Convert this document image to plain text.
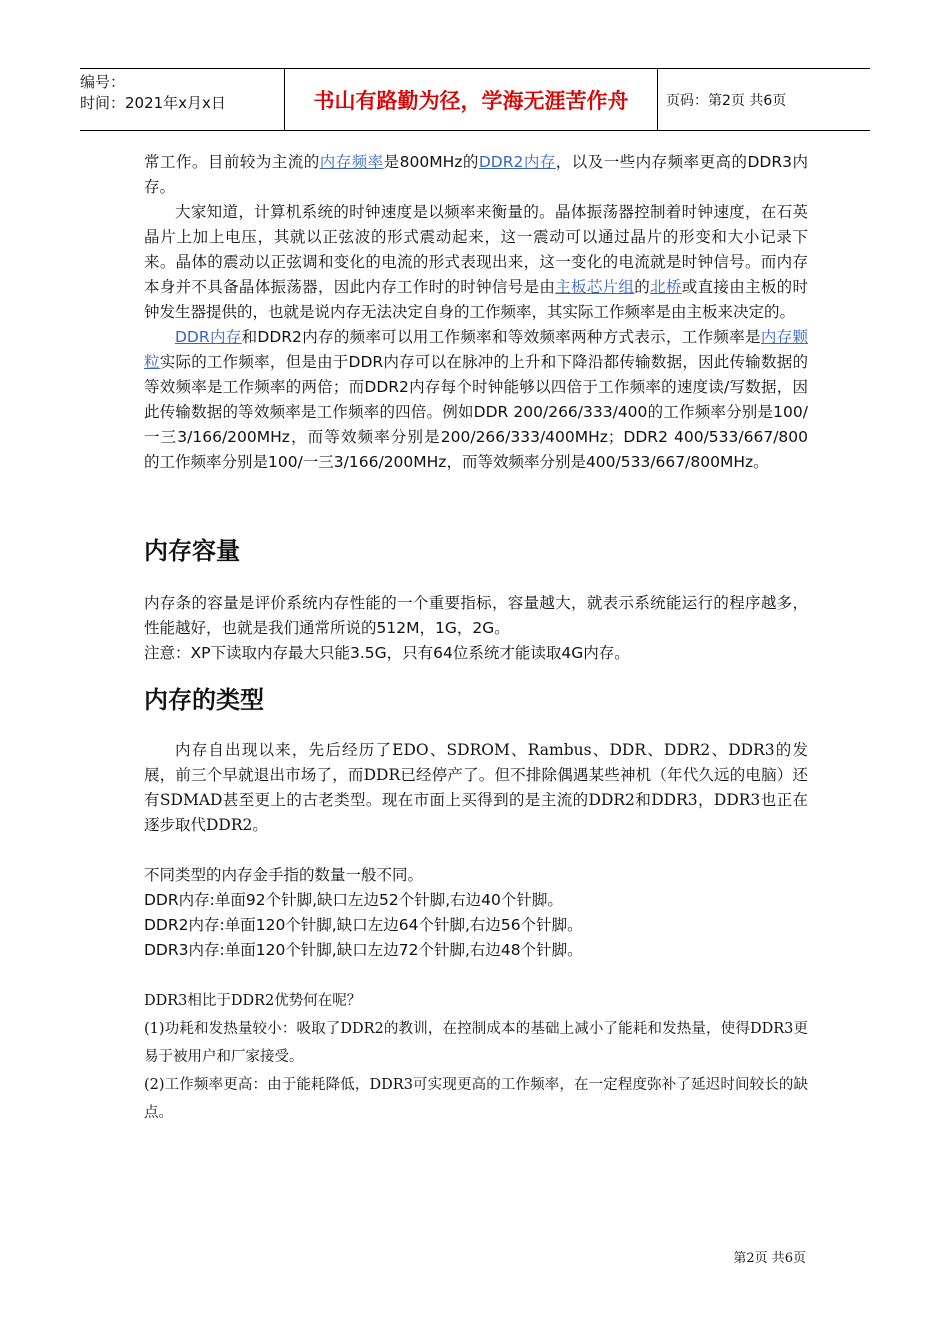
编号：
时间：2021年x月x日	书山有路勤为径，学海无涯苦作舟	页码：第2页 共6页

常工作。目前较为主流的内存频率是800MHz的DDR2内存，以及一些内存频率更高的DDR3内存。

大家知道，计算机系统的时钟速度是以频率来衡量的。晶体振荡器控制着时钟速度，在石英晶片上加上电压，其就以正弦波的形式震动起来，这一震动可以通过晶片的形变和大小记录下来。晶体的震动以正弦调和变化的电流的形式表现出来，这一变化的电流就是时钟信号。而内存本身并不具备晶体振荡器，因此内存工作时的时钟信号是由主板芯片组的北桥或直接由主板的时钟发生器提供的，也就是说内存无法决定自身的工作频率，其实际工作频率是由主板来决定的。

DDR内存和DDR2内存的频率可以用工作频率和等效频率两种方式表示，工作频率是内存颗粒实际的工作频率，但是由于DDR内存可以在脉冲的上升和下降沿都传输数据，因此传输数据的等效频率是工作频率的两倍；而DDR2内存每个时钟能够以四倍于工作频率的速度读/写数据，因此传输数据的等效频率是工作频率的四倍。例如DDR 200/266/333/400的工作频率分别是100/一三3/166/200MHz，而等效频率分别是200/266/333/400MHz；DDR2 400/533/667/800的工作频率分别是100/一三3/166/200MHz，而等效频率分别是400/533/667/800MHz。

内存容量

内存条的容量是评价系统内存性能的一个重要指标，容量越大，就表示系统能运行的程序越多，性能越好，也就是我们通常所说的512M，1G，2G。

注意：XP下读取内存最大只能3.5G，只有64位系统才能读取4G内存。

内存的类型

内存自出现以来，先后经历了EDO、SDROM、Rambus、DDR、DDR2、DDR3的发展，前三个早就退出市场了，而DDR已经停产了。但不排除偶遇某些神机（年代久远的电脑）还有SDMAD甚至更上的古老类型。现在市面上买得到的是主流的DDR2和DDR3，DDR3也正在逐步取代DDR2。

不同类型的内存金手指的数量一般不同。

DDR内存:单面92个针脚,缺口左边52个针脚,右边40个针脚。

DDR2内存:单面120个针脚,缺口左边64个针脚,右边56个针脚。

DDR3内存:单面120个针脚,缺口左边72个针脚,右边48个针脚。

DDR3相比于DDR2优势何在呢？

(1)功耗和发热量较小：吸取了DDR2的教训，在控制成本的基础上减小了能耗和发热量，使得DDR3更易于被用户和厂家接受。

(2)工作频率更高：由于能耗降低，DDR3可实现更高的工作频率，在一定程度弥补了延迟时间较长的缺点。

第2页 共6页
